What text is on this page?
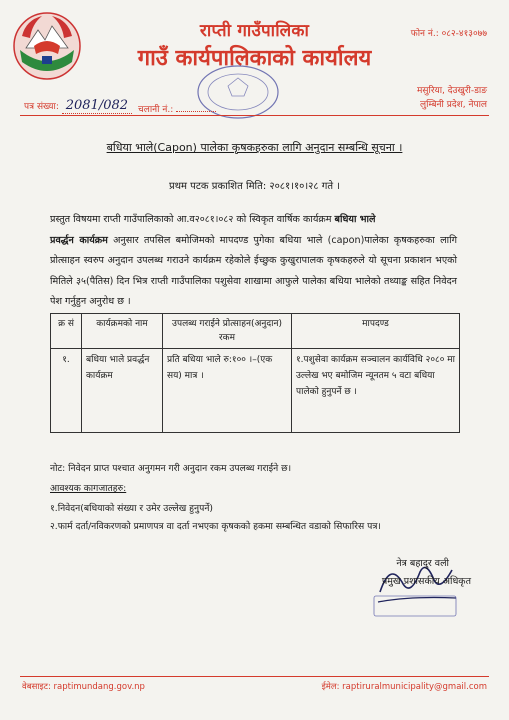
राप्ती गाउँपालिका
गाउँ कार्यपालिकाको कार्यालय
फोन नं.: ०८२-४१३०७७
मसुरिया, देउखुरी-डाङ
लुम्बिनी प्रदेश, नेपाल
पत्र संख्या: 2081/082	चलानी नं.:
बधिया भाले(Capon) पालेका कृषकहरुका लागि अनुदान सम्बन्धि सूचना ।
प्रथम पटक प्रकाशित मिति: २०८१।१०।२८ गते ।
प्रस्तुत विषयमा राप्ती गाउँपालिकाको आ.व२०८१।०८२ को स्विकृत वार्षिक कार्यक्रम बधिया भाले
प्रवर्द्धन कार्यक्रम अनुसार तपसिल बमोजिमको मापदण्ड पुगेका बधिया भाले (capon)पालेका कृषकहरुका लागि प्रोत्साहन स्वरुप अनुदान उपलब्ध गराउने कार्यक्रम रहेकोले ईच्छुक कुखुरापालक कृषकहरुले यो सूचना प्रकाशन भएको मितिले ३५(पैतिस) दिन भित्र राप्ती गाउँपालिका पशुसेवा शाखामा आफुले पालेका बधिया भालेको तथ्याङ्क सहित निवेदन पेश गर्नुहुन अनुरोध छ ।
क्र सं	कार्यक्रमको नाम	उपलब्ध गराईने प्रोत्साहन(अनुदान) रकम	मापदण्ड
१.	बधिया भाले प्रवर्द्धन कार्यक्रम	प्रति बधिया भाले रु:१०० ।–(एक सय) मात्र ।	१.पशुसेवा कार्यक्रम सञ्चालन कार्यविधि २०८० मा उल्लेख भए बमोजिम न्यूनतम ५ वटा बधिया पालेको हुनुपर्ने छ ।
नोट: निवेदन प्राप्त पश्चात अनुगमन गरी अनुदान रकम उपलब्ध गराईने छ।
आवश्यक कागजातहरु:
१.निवेदन(बधियाको संख्या र उमेर उल्लेख हुनुपर्ने)
२.फार्म दर्ता/नविकरणको प्रमाणपत्र वा दर्ता नभएका कृषकको हकमा सम्बन्धित वडाको सिफारिस पत्र।
नेत्र बहादुर वली
प्रमुख प्रशासकीय अधिकृत
वेबसाइट: raptimundang.gov.np	ईमेल: raptiruralmunicipality@gmail.com
